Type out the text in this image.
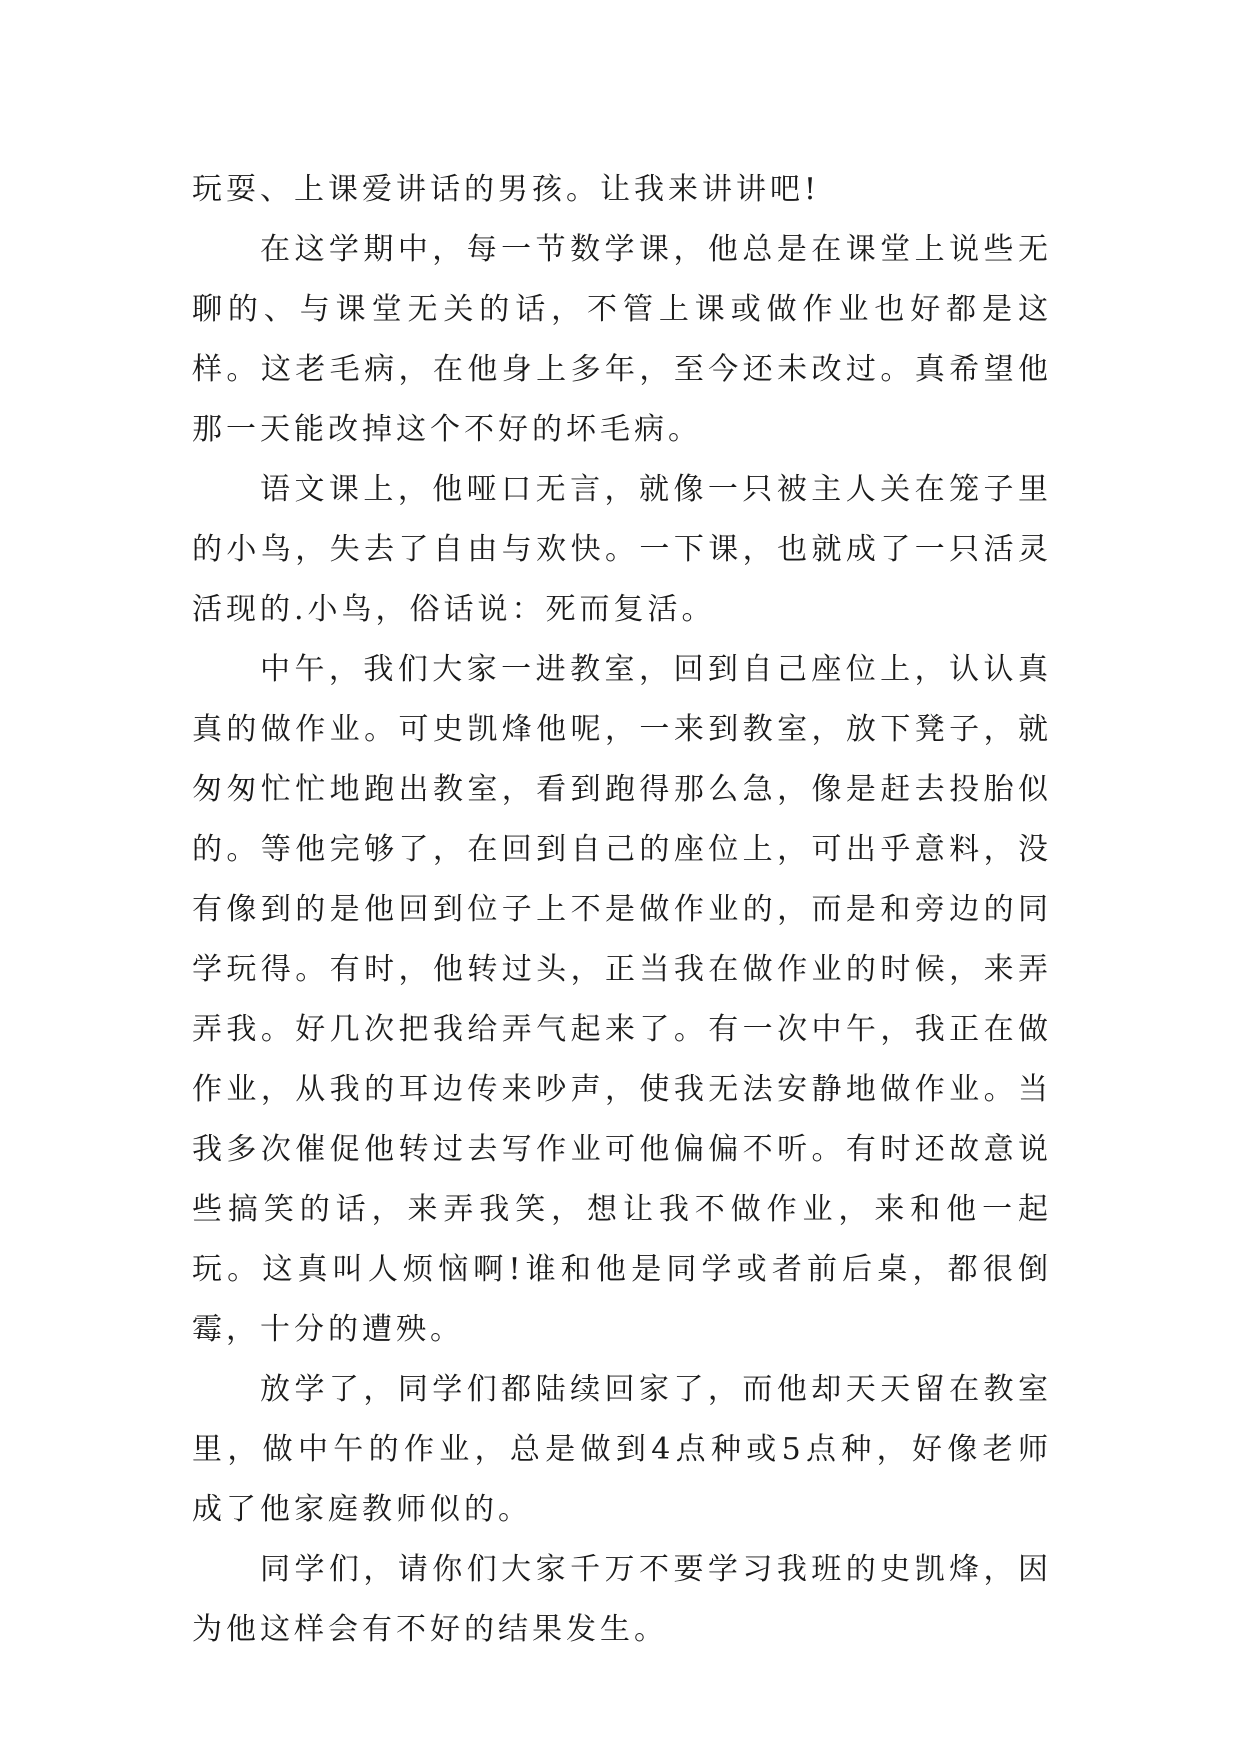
玩耍、上课爱讲话的男孩。让我来讲讲吧!

在这学期中，每一节数学课，他总是在课堂上说些无聊的、与课堂无关的话，不管上课或做作业也好都是这样。这老毛病，在他身上多年，至今还未改过。真希望他那一天能改掉这个不好的坏毛病。

语文课上，他哑口无言，就像一只被主人关在笼子里的小鸟，失去了自由与欢快。一下课，也就成了一只活灵活现的.小鸟，俗话说：死而复活。

中午，我们大家一进教室，回到自己座位上，认认真真的做作业。可史凯烽他呢，一来到教室，放下凳子，就匆匆忙忙地跑出教室，看到跑得那么急，像是赶去投胎似的。等他完够了，在回到自己的座位上，可出乎意料，没有像到的是他回到位子上不是做作业的，而是和旁边的同学玩得。有时，他转过头，正当我在做作业的时候，来弄弄我。好几次把我给弄气起来了。有一次中午，我正在做作业，从我的耳边传来吵声，使我无法安静地做作业。当我多次催促他转过去写作业可他偏偏不听。有时还故意说些搞笑的话，来弄我笑，想让我不做作业，来和他一起玩。这真叫人烦恼啊!谁和他是同学或者前后桌，都很倒霉，十分的遭殃。

放学了，同学们都陆续回家了，而他却天天留在教室里，做中午的作业，总是做到4点种或5点种，好像老师成了他家庭教师似的。

同学们，请你们大家千万不要学习我班的史凯烽，因为他这样会有不好的结果发生。
